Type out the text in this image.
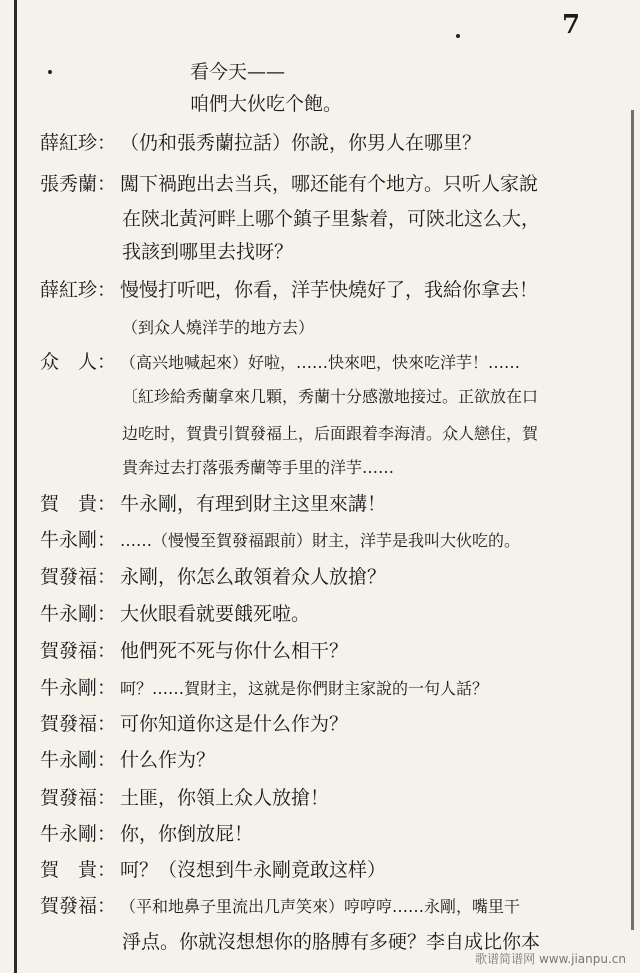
7
看今天——
咱們大伙吃个飽。
薛紅珍： （仍和張秀蘭拉話）你說，你男人在哪里？
張秀蘭： 闖下禍跑出去当兵，哪还能有个地方。只听人家說
在陝北黃河畔上哪个鎮子里紮着，可陝北这么大，
我該到哪里去找呀？
薛紅珍： 慢慢打听吧，你看，洋芋快燒好了，我給你拿去！
（到众人燒洋芋的地方去）
众　人： （高兴地喊起來）好啦，……快來吧，快來吃洋芋！……
〔紅珍給秀蘭拿來几顆，秀蘭十分感激地接过。正欲放在口
边吃时，賀貴引賀發福上，后面跟着李海清。众人戀住，賀
貴奔过去打落張秀蘭等手里的洋芋……
賀　貴： 牛永剛，有理到財主这里來講！
牛永剛： ……（慢慢至賀發福跟前）財主，洋芋是我叫大伙吃的。
賀發福： 永剛，你怎么敢領着众人放搶？
牛永剛： 大伙眼看就要餓死啦。
賀發福： 他們死不死与你什么相干？
牛永剛： 呵？……賀財主，这就是你們財主家說的一句人話？
賀發福： 可你知道你这是什么作为？
牛永剛： 什么作为？
賀發福： 土匪，你領上众人放搶！
牛永剛： 你，你倒放屁！
賀　貴： 呵？（沒想到牛永剛竟敢这样）
賀發福： （平和地鼻子里流出几声笑來）哼哼哼……永剛，嘴里干
淨点。你就沒想想你的胳膊有多硬？李自成比你本
歌谱简谱网 www.jianpu.cn
